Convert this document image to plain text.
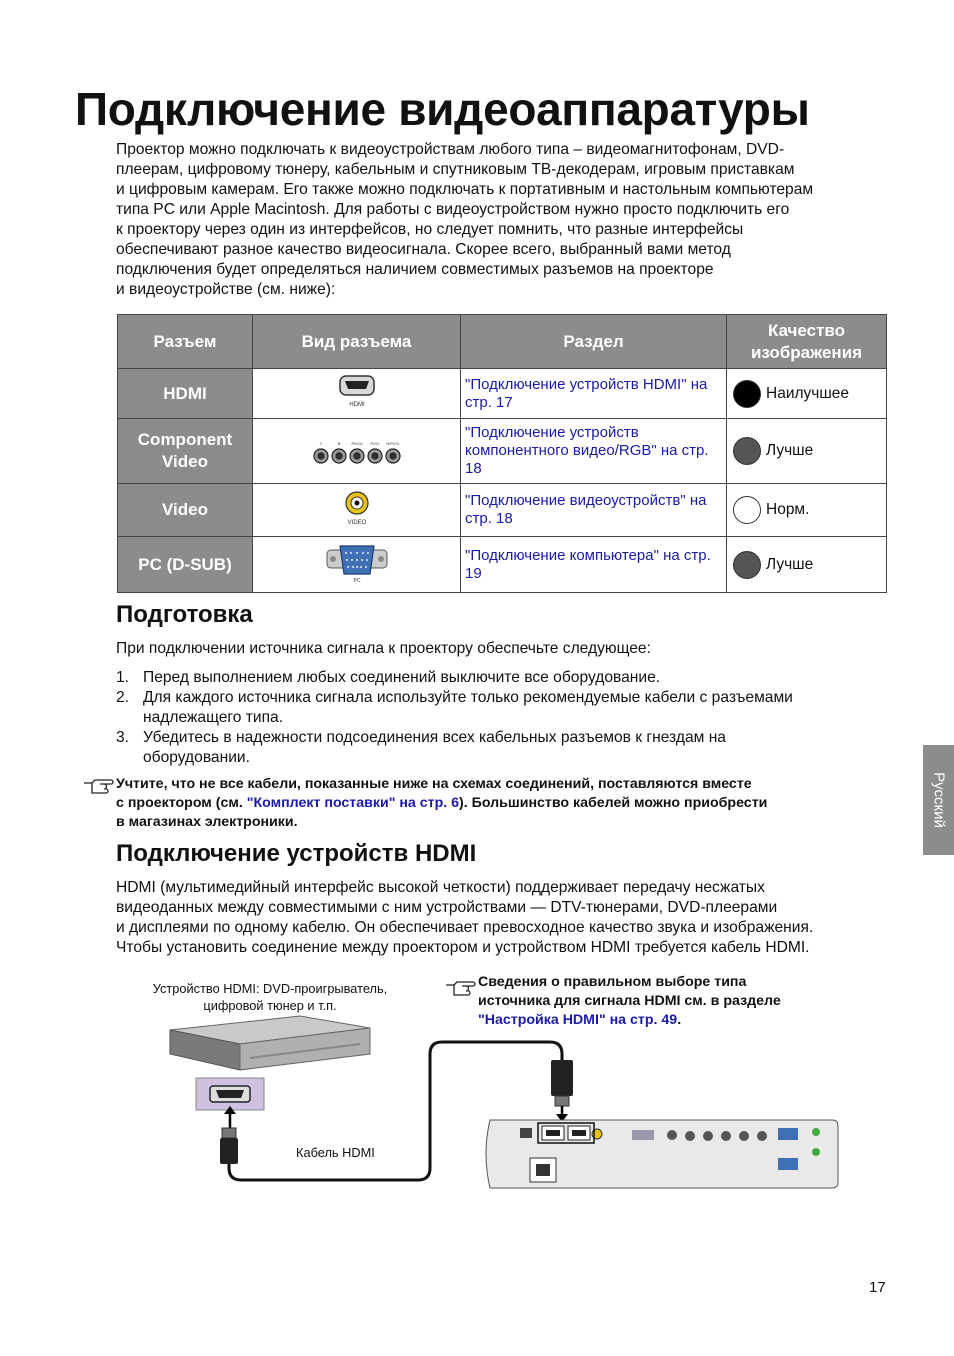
Подключение видеоаппаратуры
Проектор можно подключать к видеоустройствам любого типа – видеомагнитофонам, DVD-
плеерам, цифровому тюнеру, кабельным и спутниковым ТВ-декодерам, игровым приставкам
и цифровым камерам. Его также можно подключать к портативным и настольным компьютерам
типа PC или Apple Macintosh. Для работы с видеоустройством нужно просто подключить его
к проектору через один из интерфейсов, но следует помнить, что разные интерфейсы
обеспечивают разное качество видеосигнала. Скорее всего, выбранный вами метод
подключения будет определяться наличием совместимых разъемов на проекторе
и видеоустройстве (см. ниже):
Разъем	Вид разъема	Раздел	Качество изображения
HDMI	HDMI	"Подключение устройств HDMI" на стр. 17	Наилучшее

Component Video	Y B Pb/Cb Pr/Cr R/Pr/Cr	"Подключение устройств компонентного видео/RGB" на стр. 18	Лучше

Video	VIDEO	"Подключение видеоустройств" на стр. 18	Норм.

PC (D-SUB)	PC	"Подключение компьютера" на стр. 19	Лучше
Подготовка
При подключении источника сигнала к проектору обеспечьте следующее:
1. Перед выполнением любых соединений выключите все оборудование.
2. Для каждого источника сигнала используйте только рекомендуемые кабели с разъемами
надлежащего типа.
3. Убедитесь в надежности подсоединения всех кабельных разъемов к гнездам на
оборудовании.
Учтите, что не все кабели, показанные ниже на схемах соединений, поставляются вместе
с проектором (см. "Комплект поставки" на стр. 6). Большинство кабелей можно приобрести
в магазинах электроники.	Русский
Подключение устройств HDMI
HDMI (мультимедийный интерфейс высокой четкости) поддерживает передачу несжатых
видеоданных между совместимыми с ним устройствами — DTV-тюнерами, DVD-плеерами
и дисплеями по одному кабелю. Он обеспечивает превосходное качество звука и изображения.
Чтобы установить соединение между проектором и устройством HDMI требуется кабель HDMI.
Устройство HDMI: DVD-проигрыватель,
цифровой тюнер и т.п.
Сведения о правильном выборе типа
источника для сигнала HDMI см. в разделе
"Настройка HDMI" на стр. 49.
Кабель HDMI
17
